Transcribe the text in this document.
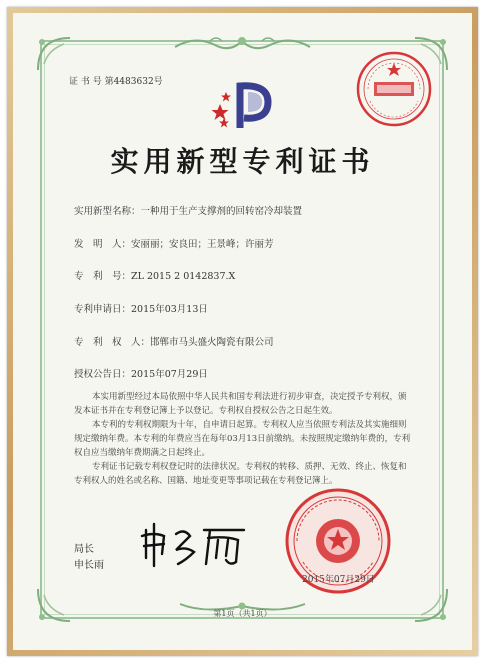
证 书 号 第4483632号
实用新型专利证书
实用新型名称：一种用于生产支撑剂的回转窑冷却装置
发　明　人：安丽丽；安良田；王景峰；许丽芳
专　利　号：ZL 2015 2 0142837.X
专利申请日：2015年03月13日
专　利　权　人：邯郸市马头盛火陶瓷有限公司
授权公告日：2015年07月29日

本实用新型经过本局依照中华人民共和国专利法进行初步审查，决定授予专利权，颁发本证书并在专利登记簿上予以登记。专利权自授权公告之日起生效。

本专利的专利权期限为十年，自申请日起算。专利权人应当依照专利法及其实施细则规定缴纳年费。本专利的年费应当在每年03月13日前缴纳。未按照规定缴纳年费的，专利权自应当缴纳年费期满之日起终止。

专利证书记载专利权登记时的法律状况。专利权的转移、质押、无效、终止、恢复和专利权人的姓名或名称、国籍、地址变更等事项记载在专利登记簿上。

局长
申长雨
2015年07月29日
第1页（共1页）
